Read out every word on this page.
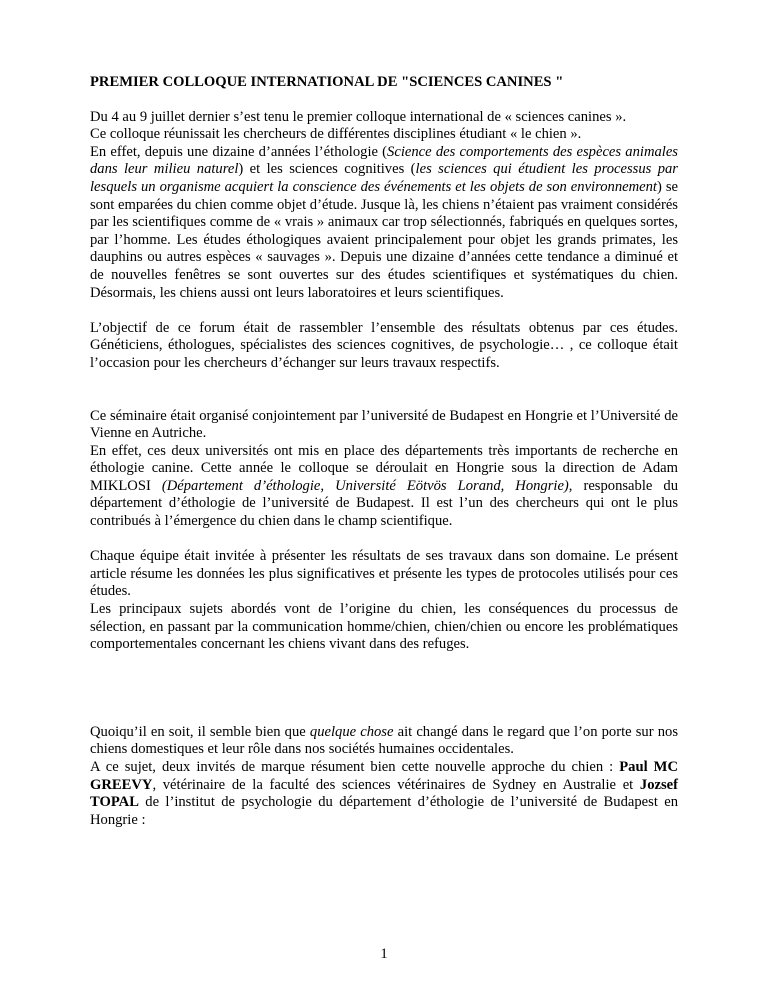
PREMIER COLLOQUE INTERNATIONAL DE "SCIENCES CANINES "
Du 4 au 9 juillet dernier s’est tenu le premier colloque international de « sciences canines ».
Ce colloque réunissait les chercheurs de différentes disciplines étudiant « le chien ».
En effet, depuis une dizaine d’années l’éthologie (Science des comportements des espèces animales dans leur milieu naturel) et les sciences cognitives (les sciences qui étudient les processus par lesquels un organisme acquiert la conscience des événements et les objets de son environnement) se sont emparées du chien comme objet d’étude. Jusque là, les chiens n’étaient pas vraiment considérés par les scientifiques comme de « vrais » animaux car trop sélectionnés, fabriqués en quelques sortes, par l’homme. Les études éthologiques avaient principalement pour objet les grands primates, les dauphins ou autres espèces « sauvages ». Depuis une dizaine d’années cette tendance a diminué et de nouvelles fenêtres se sont ouvertes sur des études scientifiques et systématiques du chien. Désormais, les chiens aussi ont leurs laboratoires et leurs scientifiques.
L’objectif de ce forum était de rassembler l’ensemble des résultats obtenus par ces études. Généticiens, éthologues, spécialistes des sciences cognitives, de psychologie… , ce colloque était l’occasion pour les chercheurs d’échanger sur leurs travaux respectifs.
Ce séminaire était organisé conjointement par l’université de Budapest en Hongrie et l’Université de Vienne en Autriche.
En effet, ces deux universités ont mis en place des départements très importants de recherche en éthologie canine. Cette année le colloque se déroulait en Hongrie sous la direction de Adam MIKLOSI (Département d’éthologie, Université Eötvös Lorand, Hongrie), responsable du département d’éthologie de l’université de Budapest. Il est l’un des chercheurs qui ont le plus contribués à l’émergence du chien dans le champ scientifique.
Chaque équipe était invitée à présenter les résultats de ses travaux dans son domaine. Le présent article résume les données les plus significatives et présente les types de protocoles utilisés pour ces études.
Les principaux sujets abordés vont de l’origine du chien, les conséquences du processus de sélection, en passant par la communication homme/chien, chien/chien ou encore les problématiques comportementales concernant les chiens vivant dans des refuges.
Quoiqu’il en soit, il semble bien que quelque chose ait changé dans le regard que l’on porte sur nos chiens domestiques et leur rôle dans nos sociétés humaines occidentales.
A ce sujet, deux invités de marque résument bien cette nouvelle approche du chien : Paul MC GREEVY, vétérinaire de la faculté des sciences vétérinaires de Sydney en Australie et Jozsef TOPAL de l’institut de psychologie du département d’éthologie de l’université de Budapest en Hongrie :
1
